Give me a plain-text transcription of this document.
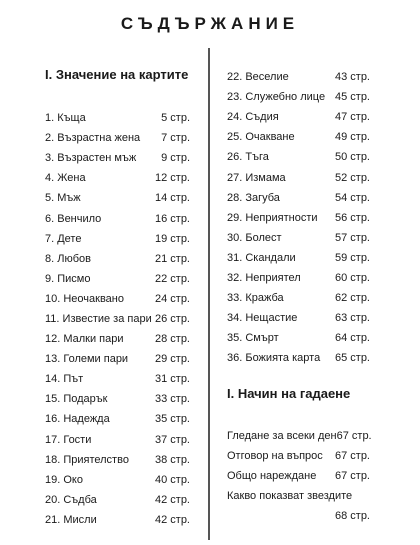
СЪДЪРЖАНИЕ
I. Значение на картите
1. Къща	5 стр.
2. Възрастна жена 7 стр.
3. Възрастен мъж 9 стр.
4. Жена	12 стр.
5. Мъж	14 стр.
6. Венчило	16 стр.
7. Дете	19 стр.
8. Любов	21 стр.
9. Писмо	22 стр.
10. Неочаквано	24 стр.
11. Известие за пари 26 стр.
12. Малки пари	28 стр.
13. Големи пари 29 стр.
14. Път	31 стр.
15. Подарък	33 стр.
16. Надежда	35 стр.
17. Гости	37 стр.
18. Приятелство 38 стр.
19. Око	40 стр.
20. Съдба	42 стр.
21. Мисли	42 стр.
22. Веселие	43 стр.
23. Служебно лице 45 стр.
24. Съдия	47 стр.
25. Очакване	49 стр.
26. Тъга	50 стр.
27. Измама	52 стр.
28. Загуба	54 стр.
29. Неприятности 56 стр.
30. Болест	57 стр.
31. Скандали	59 стр.
32. Неприятел	60 стр.
33. Кражба	62 стр.
34. Нещастие	63 стр.
35. Смърт	64 стр.
36. Божията карта 65 стр.
I. Начин на гадаене
Гледане за всеки ден 67 стр.
Отговор на въпрос 67 стр.
Общо нареждане 67 стр.
Какво показват звездите
68 стр.
